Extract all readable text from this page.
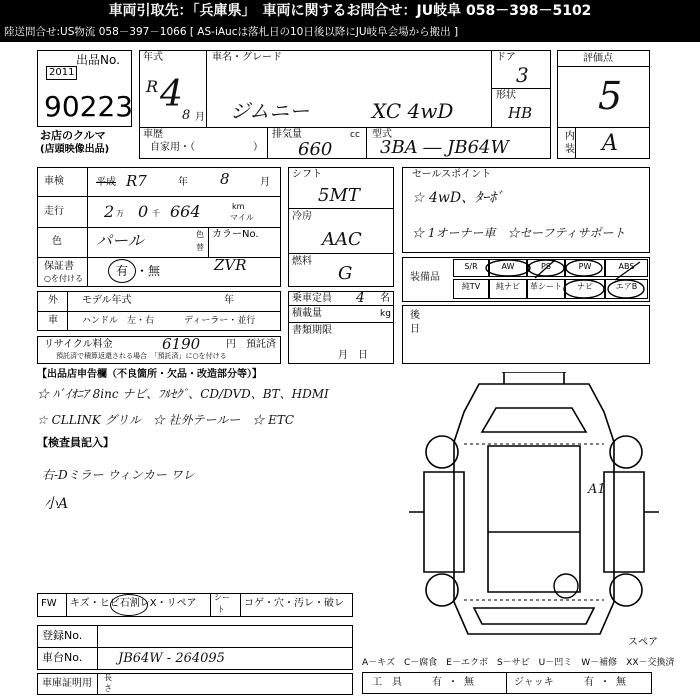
車両引取先：「兵庫県」　車両に関するお問合せ：JU岐阜 058－398－5102
陸送問合せ:US物流 058－397－1066 [ AS-iAucは落札日の10日後以降にJU岐阜会場から搬出 ]
出品No.
2011
90223
お店のクルマ
(店頭映像出品)
年式
R 4
8 月
車名・グレード
ジムニー	XC 4wD
ドア
3
形状
HB
車歴
自家用・（	）
排気量	cc
660
型式
3BA ― JB64W
評価点
5
内装 A
車検	平成 R7	年 8	月
走行	2 万 0 千 664	km
マイル
色 パール	色
替
カラーNo.
保証書
○を付ける
有 ・ 無	ZVR
外
車
モデル年式	年
ハンドル　左・右	ディーラー・並行
リサイクル料金	6190	円 預託済
預託済で積算返還される場合　「預託済」に○を付ける
シフト
5MT
冷房
AAC
燃料
G
乗車定員 4 名
積載量	kg
書類期限
月　日
セールスポイント
☆ 4wD、ﾀｰﾎﾞ
☆ 1オーナー車　☆セーフティサポート
装備品
S/R	AW	PS	PW	ABS
純TV	純ナビ	革シート	ナビ	エアB
後
日
【出品店申告欄（不良箇所・欠品・改造部分等）】
☆ ﾊﾞｲｵﾆｱ 8inc ナビ、ﾌﾙｾｸﾞ、CD/DVD、BT、HDMI
☆ CLLINK グリル　☆ 社外テールー　☆ ETC
【検査員記入】
右-Dミラー ウィンカー ワレ
小A
FW キズ・ヒビ石割レX・リペア
シー
ト
コゲ・穴・汚レ・破レ
登録No.
車台No.	JB64W - 264095
車庫証明用
長
さ
A1
スペア
A－キズ　C－腐食　E－エクボ　S－サビ　U－凹ミ　W－補修　XX－交換済
工　具	有 ・ 無	ジャッキ	有 ・ 無
